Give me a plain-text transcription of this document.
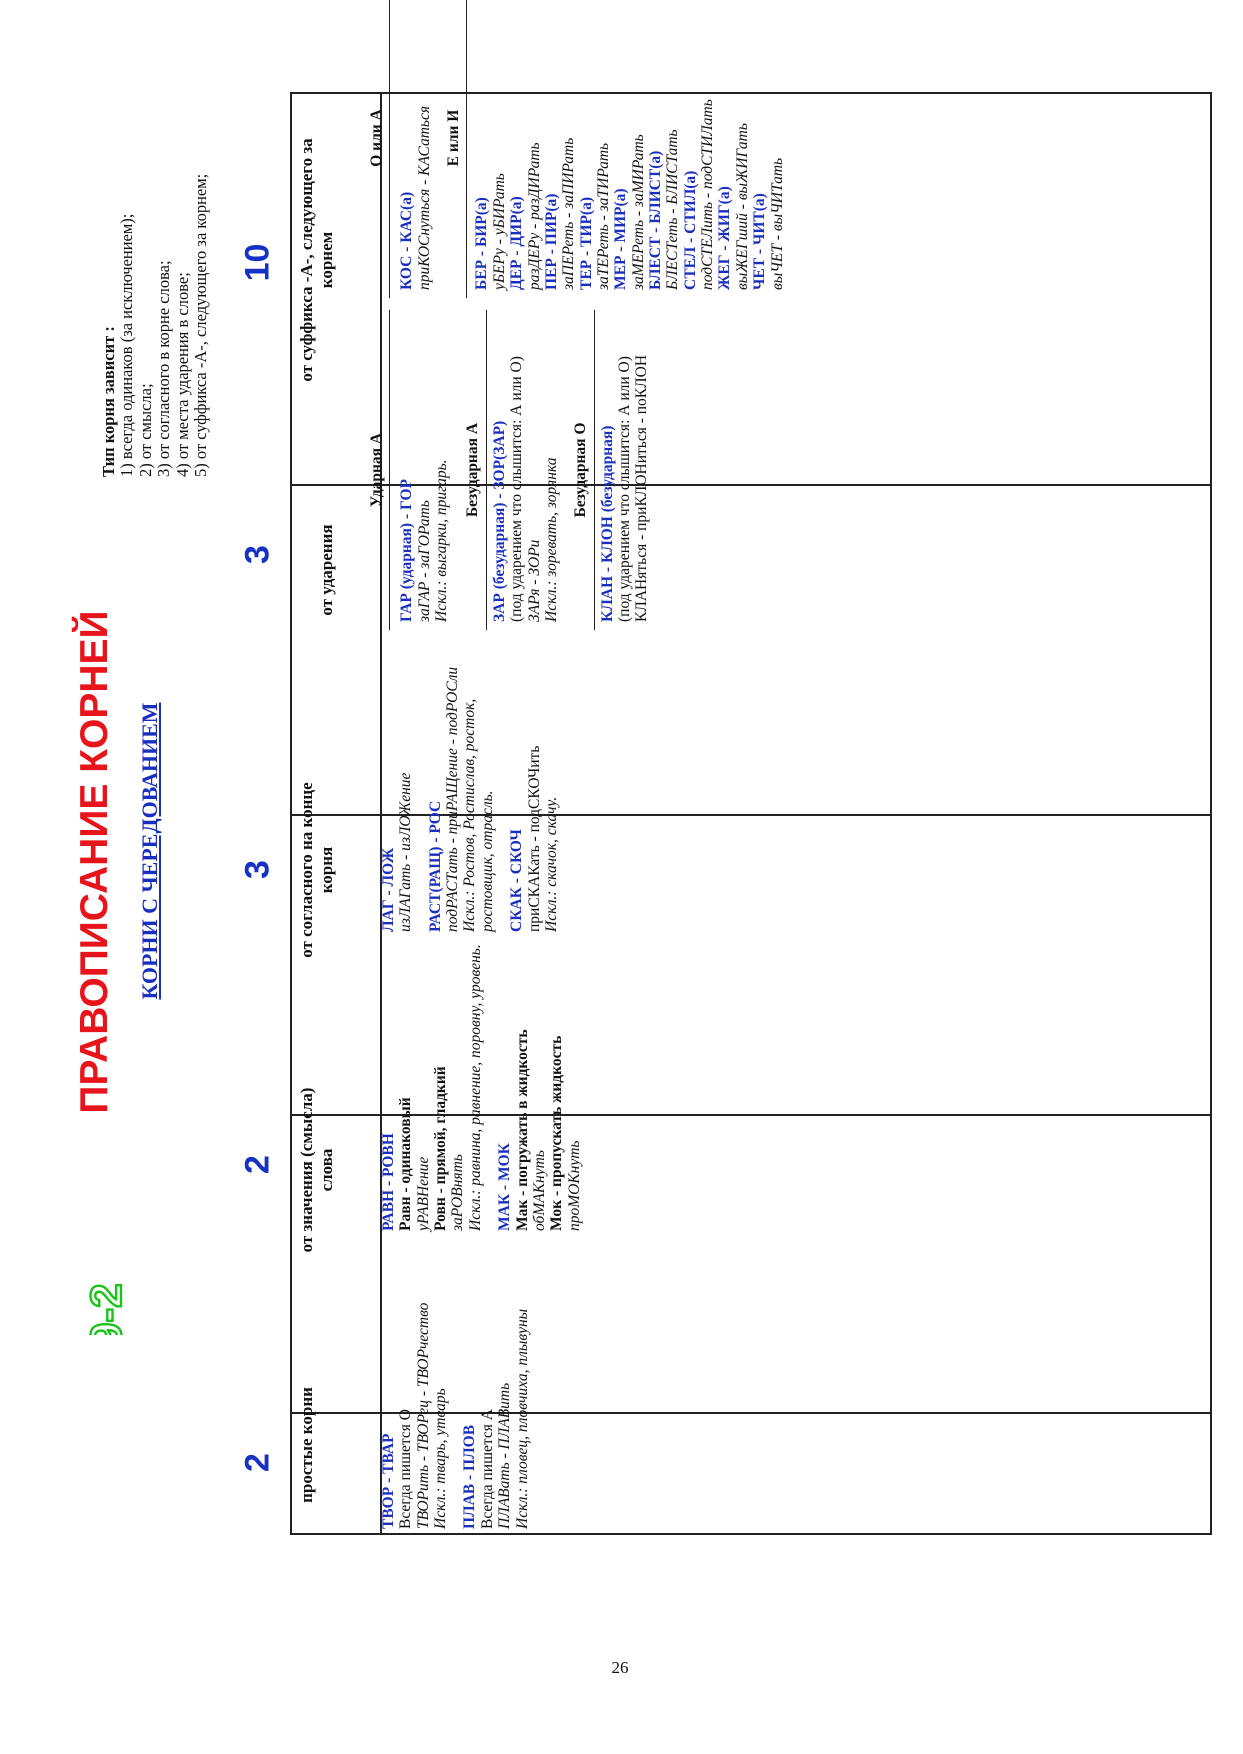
9-2
ПРАВОПИСАНИЕ КОРНЕЙ КОРНИ С ЧЕРЕДОВАНИЕМ
Тип корня зависит : 1) всегда одинаков (за исключением); 2) от смысла; 3) от согласного в корне слова; 4) от места ударения в слове; 5) от суффикса -А-, следующего за корнем;
2
2
3
3
10
простые корни
от значения (смысла) слова
от согласного на конце корня
от ударения
от суффикса -А-, следующего за корнем
ТВОР - ТВАР Всегда пишется О ТВОРить - ТВОРец - ТВОРчество Искл.: тварь, утварь ПЛАВ - ПЛОВ Всегда пишется А ПЛАВать - ПЛАВить Искл.: пловец, пловчиха, плывуны
РАВН - РОВН Равн - одинаковый уРАВНение Ровн - прямой, гладкий заРОВнять Искл.: равнина, равнение, поровну, уровень. МАК - МОК Мак - погружать в жидкость обМАКнуть Мок - пропускать жидкость проМОКнуть
ЛАГ - ЛОЖ изЛАГать - изЛОЖение РАСТ(РАЩ) - РОС подРАСТать - приРАЩение - подРОСли Искл.: Ростов, Ростислав, росток, ростовщик, отрасль. СКАК - СКОЧ приСКАКать - подСКОЧить Искл.: скачок, скачу.
Ударная А
ГАР (ударная) - ГОР заГАР - заГОРать Искл.: выгарки, пригарь. Безударная А ЗАР (безударная) - ЗОР(ЗАР) (под ударением что слышится: А или О) ЗАРя - ЗОРи Искл.: зоревать, зорянка Безударная О КЛАН - КЛОН (безударная) (под ударением что слышится: А или О) КЛАНяться - приКЛОНиться - поКЛОН
О или А
КОС - КАС(а) приКОСнуться - КАСаться Е или И
БЕР - БИР(а) уБЕРу - уБИРать ДЕР - ДИР(а) разДЕРу - разДИРать ПЕР - ПИР(а) заПЕРеть - заПИРать ТЕР - ТИР(а) заТЕРеть - заТИРать МЕР - МИР(а) заМЕРеть - заМИРать БЛЕСТ - БЛИСТ(а) БЛЕСТеть - БЛИСТать СТЕЛ - СТИЛ(а) подСТЕЛить - подСТИЛать ЖЕГ - ЖИГ(а) выЖЕГший - выЖИГать ЧЕТ - ЧИТ(а) выЧЕТ - выЧИТать
26
